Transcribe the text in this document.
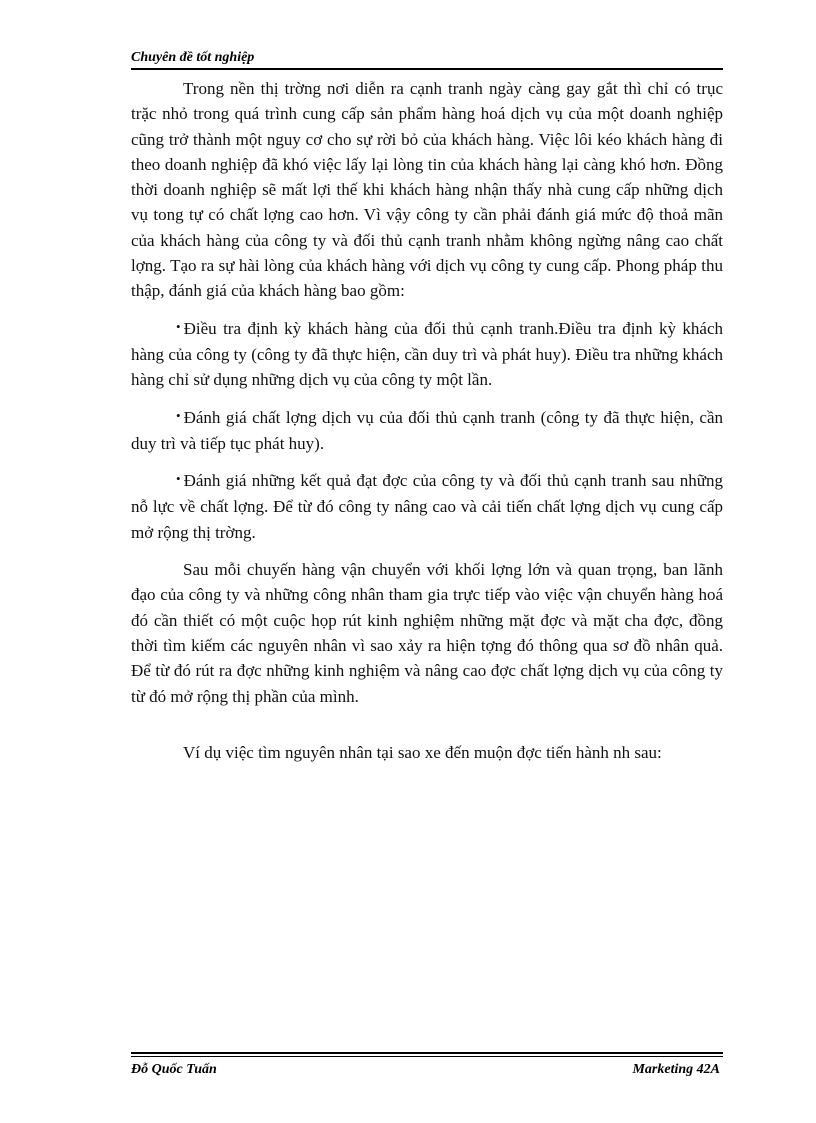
Chuyên đề tốt nghiệp

Trong nền thị trờng nơi diễn ra cạnh tranh ngày càng gay gắt thì chỉ có trục trặc nhỏ trong quá trình cung cấp sản phẩm hàng hoá dịch vụ của một doanh nghiệp cũng trở thành một nguy cơ cho sự rời bỏ của khách hàng. Việc lôi kéo khách hàng đi theo doanh nghiệp đã khó việc lấy lại lòng tin của khách hàng lại càng khó hơn. Đồng thời doanh nghiệp sẽ mất lợi thế khi khách hàng nhận thấy nhà cung cấp những dịch vụ tong tự có chất lợng cao hơn. Vì vậy công ty cần phải đánh giá mức độ thoả mãn của khách hàng của công ty và đối thủ cạnh tranh nhằm không ngừng nâng cao chất lợng. Tạo ra sự hài lòng của khách hàng với dịch vụ công ty cung cấp. Phong pháp thu thập, đánh giá của khách hàng bao gồm:

• Điều tra định kỳ khách hàng của đối thủ cạnh tranh.Điều tra định kỳ khách hàng của công ty (công ty đã thực hiện, cần duy trì và phát huy). Điều tra những khách hàng chỉ sử dụng những dịch vụ của công ty một lần.

• Đánh giá chất lợng dịch vụ của đối thủ cạnh tranh (công ty đã thực hiện, cần duy trì và tiếp tục phát huy).

• Đánh giá những kết quả đạt đợc của công ty và đối thủ cạnh tranh sau những nỗ lực về chất lợng. Để từ đó công ty nâng cao và cải tiến chất lợng dịch vụ cung cấp mở rộng thị trờng.

Sau mỗi chuyến hàng vận chuyển với khối lợng lớn và quan trọng, ban lãnh đạo của công ty và những công nhân tham gia trực tiếp vào việc vận chuyển hàng hoá đó cần thiết có một cuộc họp rút kinh nghiệm những mặt đợc và mặt cha đợc, đồng thời tìm kiếm các nguyên nhân vì sao xảy ra hiện tợng đó thông qua sơ đồ nhân quả. Để từ đó rút ra đợc những kinh nghiệm và nâng cao đợc chất lợng dịch vụ của công ty từ đó mở rộng thị phần của mình.

Ví dụ việc tìm nguyên nhân tại sao xe đến muộn đợc tiến hành nh sau:

Đỗ Quốc Tuấn	Marketing 42A
